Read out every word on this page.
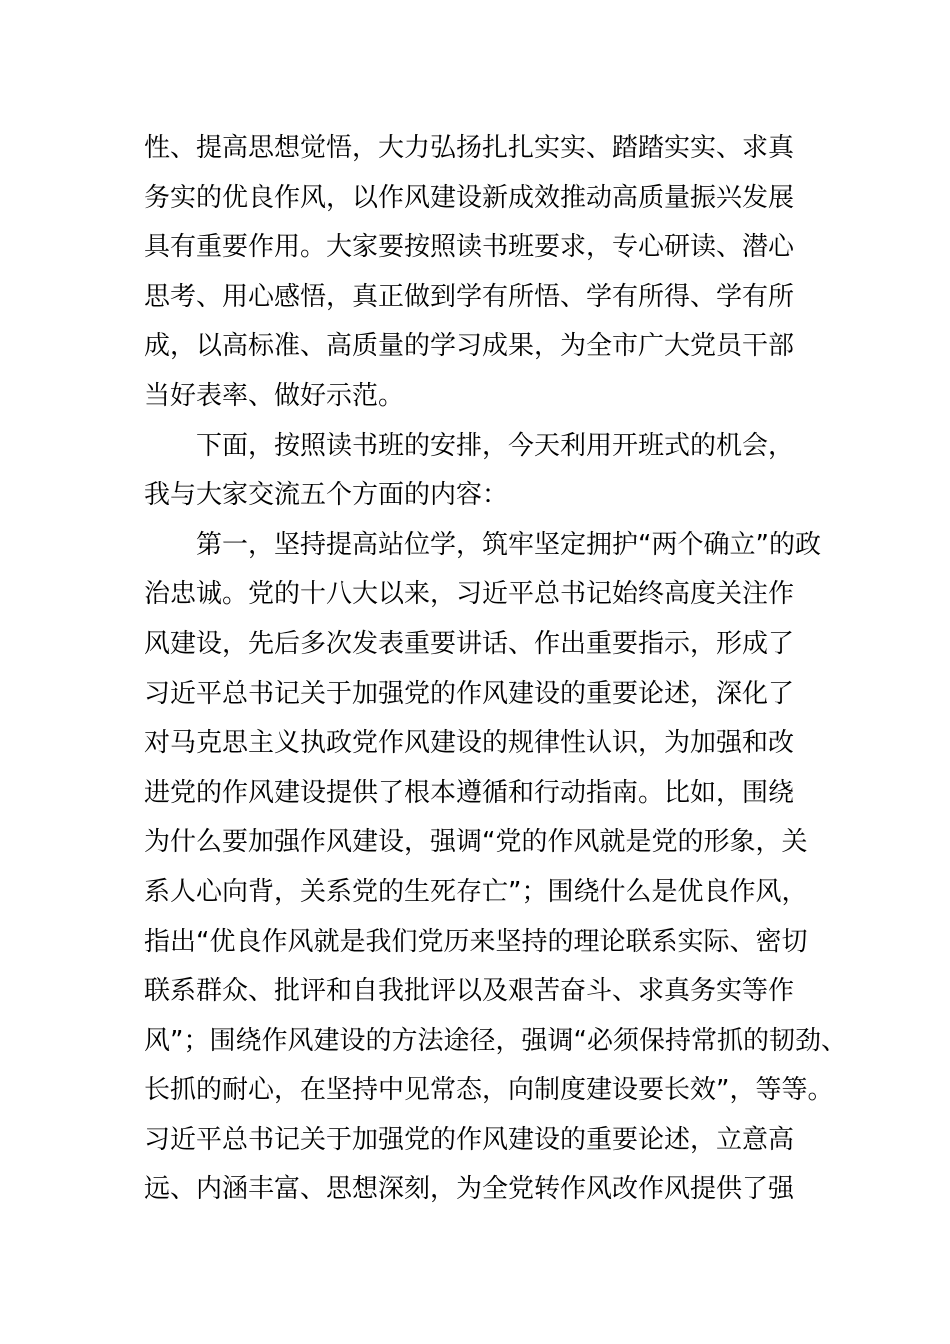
性、提高思想觉悟，大力弘扬扎扎实实、踏踏实实、求真
务实的优良作风，以作风建设新成效推动高质量振兴发展
具有重要作用。大家要按照读书班要求，专心研读、潜心
思考、用心感悟，真正做到学有所悟、学有所得、学有所
成，以高标准、高质量的学习成果，为全市广大党员干部
当好表率、做好示范。
下面，按照读书班的安排，今天利用开班式的机会，
我与大家交流五个方面的内容：
第一，坚持提高站位学，筑牢坚定拥护“两个确立”的政
治忠诚。党的十八大以来，习近平总书记始终高度关注作
风建设，先后多次发表重要讲话、作出重要指示，形成了
习近平总书记关于加强党的作风建设的重要论述，深化了
对马克思主义执政党作风建设的规律性认识，为加强和改
进党的作风建设提供了根本遵循和行动指南。比如，围绕
为什么要加强作风建设，强调“党的作风就是党的形象，关
系人心向背，关系党的生死存亡”；围绕什么是优良作风，
指出“优良作风就是我们党历来坚持的理论联系实际、密切
联系群众、批评和自我批评以及艰苦奋斗、求真务实等作
风”；围绕作风建设的方法途径，强调“必须保持常抓的韧劲、
长抓的耐心，在坚持中见常态，向制度建设要长效”，等等。
习近平总书记关于加强党的作风建设的重要论述，立意高
远、内涵丰富、思想深刻，为全党转作风改作风提供了强
